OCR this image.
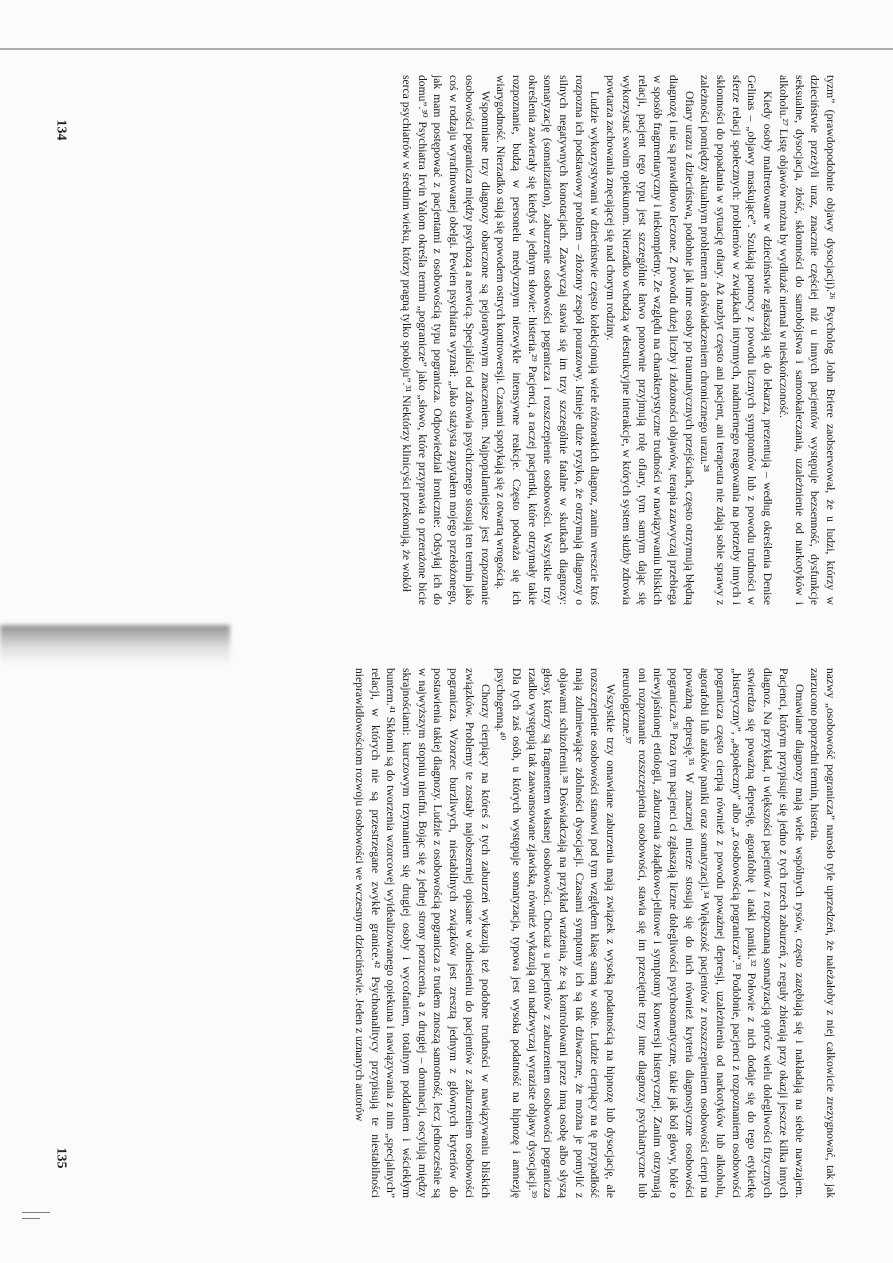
134
135

tyzm” (prawdopodobnie objawy dysocjacji).²⁶ Psycholog John Briere zaobserwował, że u ludzi, którzy w dzieciństwie przeżyli uraz, znacznie częściej niż u innych pacjentów występuje bezsenność, dysfunkcje seksualne, dysocjacja, złość, skłonności do samobójstwa i samookaleczania, uzależnienie od narkotyków i alkoholu.²⁷ Listę objawów można by wydłużać niemal w nieskończoność.

Kiedy osoby maltretowane w dzieciństwie zgłaszają się do lekarza, prezentują – według określenia Denise Gelinas – „objawy maskujące”. Szukają pomocy z powodu licznych symptomów lub z powodu trudności w sferze relacji społecznych: problemów w związkach intymnych, nadmiernego reagowania na potrzeby innych i skłonności do popadania w sytuację ofiary. Aż nazbyt często ani pacjent, ani terapeuta nie zdają sobie sprawy z zależności pomiędzy aktualnym problemem a doświadczeniem chronicznego urazu.²⁸

Ofiary urazu z dzieciństwa, podobnie jak inne osoby po traumatycznych przejściach, często otrzymują błędną diagnozę i nie są prawidłowo leczone. Z powodu dużej liczby i złożoności objawów, terapia zazwyczaj przebiega w sposób fragmentaryczny i niekompletny. Ze względu na charakterystyczne trudności w nawiązywaniu bliskich relacji, pacjent tego typu jest szczególnie łatwo ponownie przyjmują rolę ofiary, tym samym dając się wykorzystać swoim opiekunom. Nierzadko wchodzą w destrukcyjne interakcje, w których system służby zdrowia powtarza zachowania znęcającej się nad chorym rodziny.

Ludzie wykorzystywani w dzieciństwie często kolekcjonują wiele różnorakich diagnoz, zanim wreszcie ktoś rozpozna ich podstawowy problem – złożony zespół pourazowy. Istnieje duże ryzyko, że otrzymają diagnozy o silnych negatywnych konotacjach. Zazwyczaj stawia się im trzy szczególnie fatalne w skutkach diagnozy: somatyzację (somatization), zaburzenie osobowości pogranicza i rozszczepienie osobowości. Wszystkie trzy określenia zawierały się kiedyś w jednym słowie: histeria.²⁹ Pacjenci, a raczej pacjentki, które otrzymały takie rozpoznanie, budzą w personelu medycznym niezwykle intensywne reakcje. Często podważa się ich wiarygodność. Nierzadko stają się powodem ostrych kontrowersji. Czasami spotykają się z otwartą wrogością.

Wspomniane trzy diagnozy obarczone są pejoratywnym znaczeniem. Najpopularniejsze jest rozpoznanie osobowości pogranicza między psychozą a nerwicą. Specjaliści od zdrowia psychicznego stosują ten termin jako coś w rodzaju wyrafinowanej obelgi. Pewien psychiatra wyznał: „Jako stażysta zapytałem mojego przełożonego, jak mam postępować z pacjentami z osobowością typu pogranicza. Odpowiedział ironicznie: Odsyłaj ich do domu”.³⁰ Psychiatra Irvin Yalom określa termin „pogranicze” jako „słowo, które przyprawia o przerażone bicie serca psychiatrów w średnim wieku, którzy pragną tylko spokoju”.³¹ Niektórzy klinicyści przekonują, że wokół

nazwy „osobowość pogranicza” narosło tyle uprzedzeń, że należałoby z niej całkowicie zrezygnować, tak jak zarzucono poprzedni termin, histeria.

Omawiane diagnozy mają wiele wspólnych rysów, często zazębiają się i nakładają na siebie nawzajem. Pacjenci, którym przypisuje się jedno z tych trzech zaburzeń, z reguły zbierają przy okazji jeszcze kilka innych diagnoz. Na przykład, u większości pacjentów z rozpoznaną somatyzacją oprócz wielu dolegliwości fizycznych stwierdza się poważną depresję, agorafobię i ataki paniki.³² Połowie z nich dodaje się do tego etykietkę „histeryczny”, „aspołeczny” albo „z osobowością pogranicza”.³³ Podobnie, pacjenci z rozpoznaniem osobowości pogranicza często cierpią również z powodu poważnej depresji, uzależnienia od narkotyków lub alkoholu, agorafobii lub ataków paniki oraz somatyzacji.³⁴ Większość pacjentów z rozszczepieniem osobowości cierpi na poważną depresję.³⁵ W znacznej mierze stosują się do nich również kryteria diagnostyczne osobowości pogranicza.³⁶ Poza tym pacjenci ci zgłaszają liczne dolegliwości psychosomatyczne, takie jak ból głowy, bóle o niewyjaśnionej etiologii, zaburzenia żołądkowo-jelitowe i symptomy konwersji histerycznej. Zanim otrzymają oni rozpoznanie rozszczepienia osobowości, stawia się im przeciętnie trzy inne diagnozy psychiatryczne lub neurologiczne.³⁷

Wszystkie trzy omawiane zaburzenia mają związek z wysoką podatnością na hipnozę lub dysocjację, ale rozszczepienie osobowości stanowi pod tym względem klasę samą w sobie. Ludzie cierpiący na tę przypadłość mają zdumiewające zdolności dysocjacji. Czasami symptomy ich są tak dziwaczne, że można je pomylić z objawami schizofrenii.³⁸ Doświadczają na przykład wrażenia, że są kontrolowani przez inną osobę albo słyszą głosy, którzy są fragmentem własnej osobowości. Chociaż u pacjentów z zaburzeniem osobowości pogranicza rzadko występują tak zaawansowane zjawiska, również wykazują oni nadzwyczaj wyraziste objawy dysocjacji.³⁹ Dla tych zaś osób, u których występuje somatyzacja, typowa jest wysoka podatność na hipnozę i amnezję psychogenną.⁴⁰

Chorzy cierpiący na któreś z tych zaburzeń wykazują też podobne trudności w nawiązywaniu bliskich związków. Problemy te zostały najobszerniej opisane w odniesieniu do pacjentów z zaburzeniem osobowości pogranicza. Wzorzec burzliwych, niestabilnych związków jest zresztą jednym z głównych kryteriów do postawienia takiej diagnozy. Ludzie z osobowością pogranicza z trudem znoszą samotność, lecz jednocześnie są w najwyższym stopniu nieufni. Bojąc się z jednej strony porzucenia, a z drugiej – dominacji, oscylują między skrajnościami: kurczowym trzymaniem się drugiej osoby i wycofaniem, totalnym poddaniem i wściekłym buntem.⁴¹ Skłonni są do tworzenia wzorcowej wyidealizowanego opiekuna i nawiązywania z nim „specjalnych” relacji, w których nie są przestrzegane zwykłe granice.⁴² Psychoanalitycy przypisują te niestabilności nieprawidłowościom rozwoju osobowości we wczesnym dzieciństwie. Jeden z uznanych autorów
